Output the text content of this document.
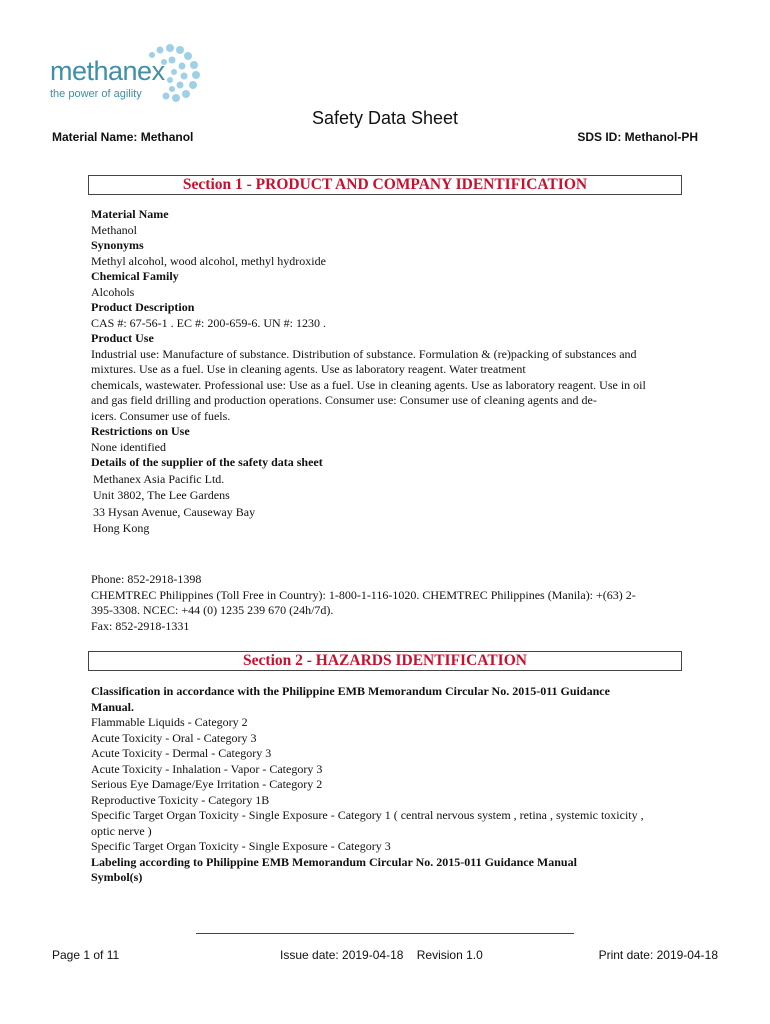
methanex
the power of agility
Safety Data Sheet
Material Name: Methanol	SDS ID: Methanol-PH
Section 1 - PRODUCT AND COMPANY IDENTIFICATION

Material Name

Methanol

Synonyms

Methyl alcohol, wood alcohol, methyl hydroxide

Chemical Family

Alcohols

Product Description

CAS #: 67-56-1 . EC #: 200-659-6. UN #: 1230 .

Product Use

Industrial use: Manufacture of substance. Distribution of substance. Formulation & (re)packing of substances and

mixtures. Use as a fuel. Use in cleaning agents. Use as laboratory reagent. Water treatment

chemicals, wastewater. Professional use: Use as a fuel. Use in cleaning agents. Use as laboratory reagent. Use in oil

and gas field drilling and production operations. Consumer use: Consumer use of cleaning agents and de-

icers. Consumer use of fuels.

Restrictions on Use

None identified

Details of the supplier of the safety data sheet

Methanex Asia Pacific Ltd.

Unit 3802, The Lee Gardens

33 Hysan Avenue, Causeway Bay

Hong Kong

Phone: 852-2918-1398

CHEMTREC Philippines (Toll Free in Country): 1-800-1-116-1020. CHEMTREC Philippines (Manila): +(63) 2-

395-3308. NCEC: +44 (0) 1235 239 670 (24h/7d).

Fax: 852-2918-1331

Section 2 - HAZARDS IDENTIFICATION

Classification in accordance with the Philippine EMB Memorandum Circular No. 2015-011 Guidance

Manual.

Flammable Liquids - Category 2

Acute Toxicity - Oral - Category 3

Acute Toxicity - Dermal - Category 3

Acute Toxicity - Inhalation - Vapor - Category 3

Serious Eye Damage/Eye Irritation - Category 2

Reproductive Toxicity - Category 1B

Specific Target Organ Toxicity - Single Exposure - Category 1 ( central nervous system , retina , systemic toxicity ,

optic nerve )

Specific Target Organ Toxicity - Single Exposure - Category 3

Labeling according to Philippine EMB Memorandum Circular No. 2015-011 Guidance Manual

Symbol(s)

Page 1 of 11	Issue date: 2019-04-18    Revision 1.0	Print date: 2019-04-18
